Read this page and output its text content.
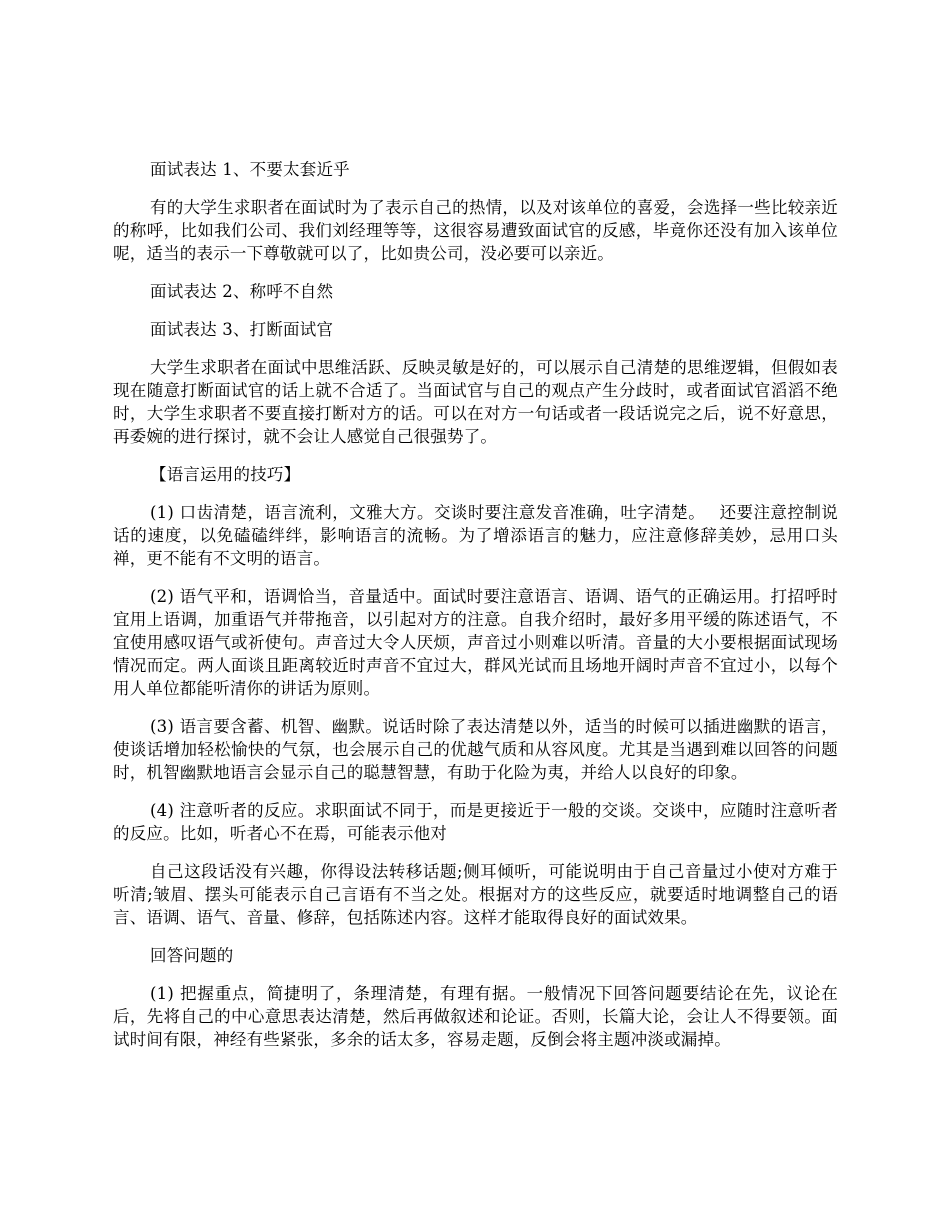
面试表达 1、不要太套近乎

有的大学生求职者在面试时为了表示自己的热情，以及对该单位的喜爱，会选择一些比较亲近的称呼，比如我们公司、我们刘经理等等，这很容易遭致面试官的反感，毕竟你还没有加入该单位呢，适当的表示一下尊敬就可以了，比如贵公司，没必要可以亲近。

面试表达 2、称呼不自然

面试表达 3、打断面试官

大学生求职者在面试中思维活跃、反映灵敏是好的，可以展示自己清楚的思维逻辑，但假如表现在随意打断面试官的话上就不合适了。当面试官与自己的观点产生分歧时，或者面试官滔滔不绝时，大学生求职者不要直接打断对方的话。可以在对方一句话或者一段话说完之后，说不好意思，再委婉的进行探讨，就不会让人感觉自己很强势了。

【语言运用的技巧】

(1) 口齿清楚，语言流利，文雅大方。交谈时要注意发音准确，吐字清楚。　 还要注意控制说话的速度，以免磕磕绊绊，影响语言的流畅。为了增添语言的魅力，应注意修辞美妙，忌用口头禅，更不能有不文明的语言。

(2) 语气平和，语调恰当，音量适中。面试时要注意语言、语调、语气的正确运用。打招呼时宜用上语调，加重语气并带拖音，以引起对方的注意。自我介绍时，最好多用平缓的陈述语气，不宜使用感叹语气或祈使句。声音过大令人厌烦，声音过小则难以听清。音量的大小要根据面试现场情况而定。两人面谈且距离较近时声音不宜过大，群风光试而且场地开阔时声音不宜过小，以每个用人单位都能听清你的讲话为原则。

(3) 语言要含蓄、机智、幽默。说话时除了表达清楚以外，适当的时候可以插进幽默的语言，使谈话增加轻松愉快的气氛，也会展示自己的优越气质和从容风度。尤其是当遇到难以回答的问题时，机智幽默地语言会显示自己的聪慧智慧，有助于化险为夷，并给人以良好的印象。

(4) 注意听者的反应。求职面试不同于，而是更接近于一般的交谈。交谈中，应随时注意听者的反应。比如，听者心不在焉，可能表示他对

自己这段话没有兴趣，你得设法转移话题;侧耳倾听，可能说明由于自己音量过小使对方难于听清;皱眉、摆头可能表示自己言语有不当之处。根据对方的这些反应，就要适时地调整自己的语言、语调、语气、音量、修辞，包括陈述内容。这样才能取得良好的面试效果。

回答问题的

(1) 把握重点，简捷明了，条理清楚，有理有据。一般情况下回答问题要结论在先，议论在后，先将自己的中心意思表达清楚，然后再做叙述和论证。否则，长篇大论，会让人不得要领。面试时间有限，神经有些紧张，多余的话太多，容易走题，反倒会将主题冲淡或漏掉。
